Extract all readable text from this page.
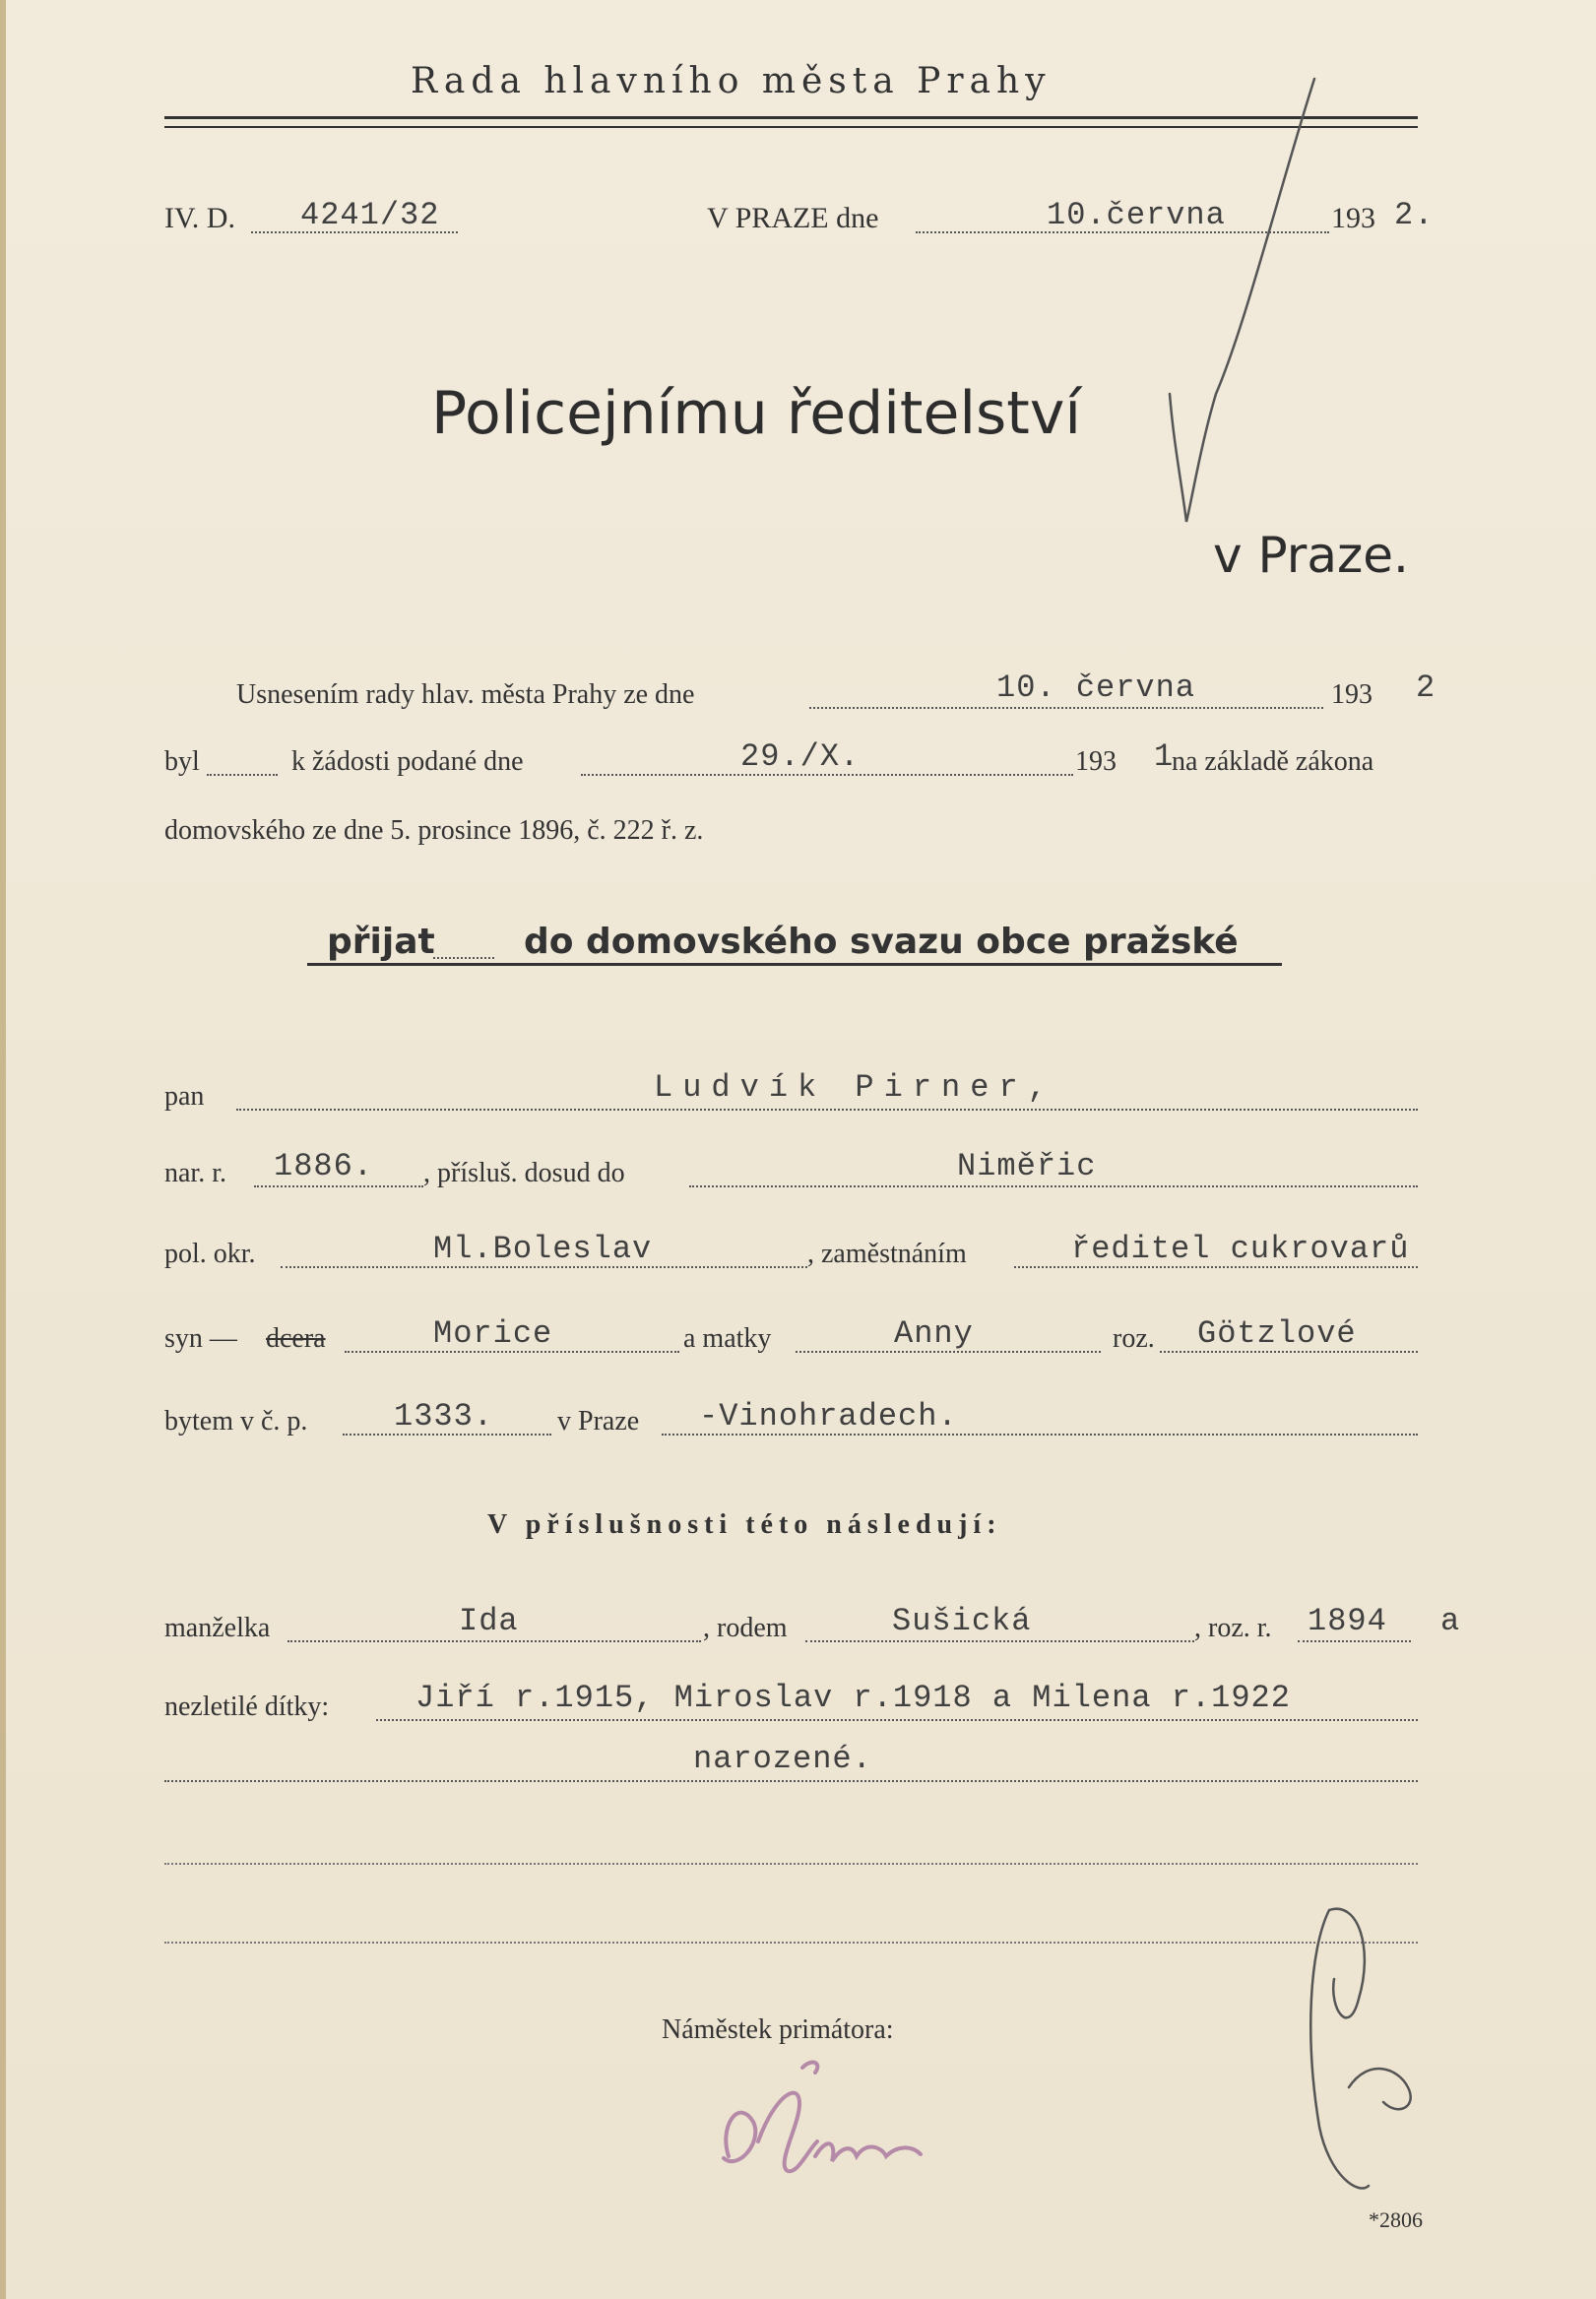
Rada hlavního města Prahy
IV. D. 4241/32	V PRAZE dne	10.června	193 2.
Policejnímu ředitelství
v Praze.
Usnesením rady hlav. města Prahy ze dne	10. června	193 2
byl	k žádosti podané dne	29./X.	193 1
na základě zákona
domovského ze dne 5. prosince 1896, č. 222 ř. z.
přijat	do domovského svazu obce pražské
pan	Ludvík Pirner,
nar. r. 1886. , přísluš. dosud do	Niměřic
pol. okr.	Ml.Boleslav	, zaměstnáním	ředitel cukrovarů
syn — dcera	Morice	a matky	Anny	roz. Götzlové
bytem v č. p.	1333. v Praze -Vinohradech.
V příslušnosti této následují:
manželka	Ida	, rodem	Sušická	, roz. r. 1894 a
nezletilé dítky:	Jiří r.1915, Miroslav r.1918 a Milena r.1922
narozené.
Náměstek primátora:
*2806
